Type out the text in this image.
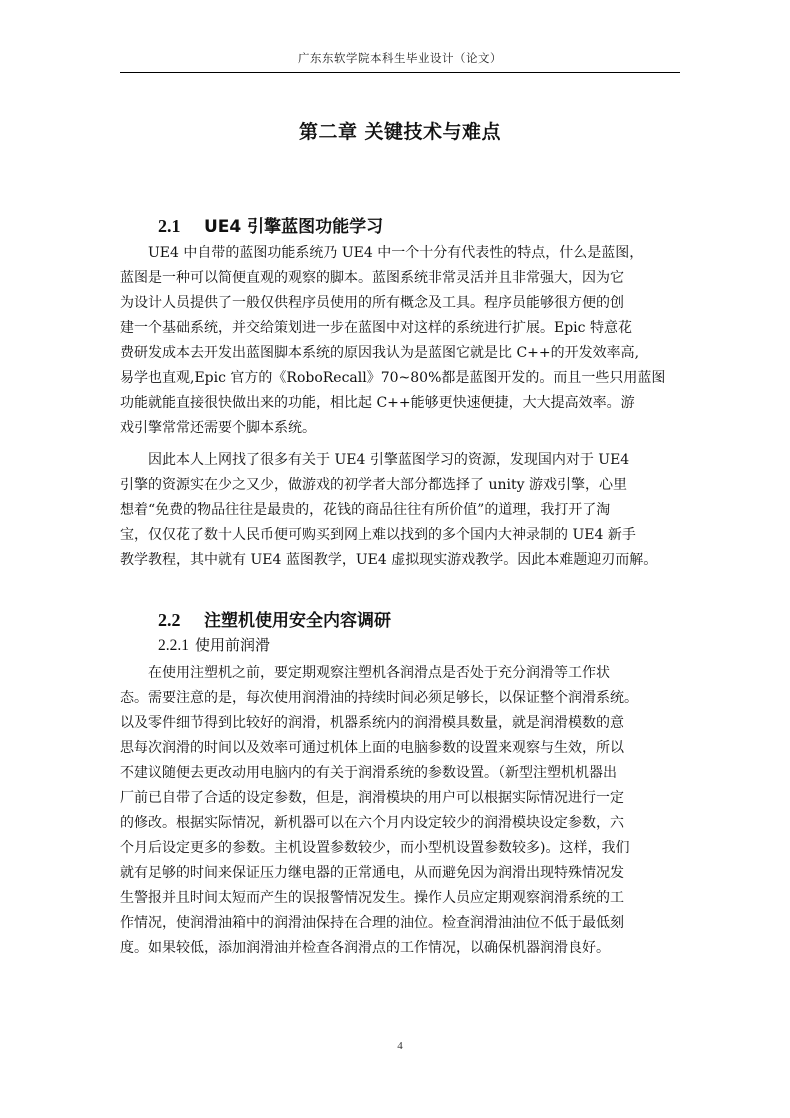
广东东软学院本科生毕业设计（论文）
第二章 关键技术与难点
2.1 UE4 引擎蓝图功能学习
UE4 中自带的蓝图功能系统乃 UE4 中一个十分有代表性的特点，什么是蓝图，
蓝图是一种可以简便直观的观察的脚本。蓝图系统非常灵活并且非常强大，因为它
为设计人员提供了一般仅供程序员使用的所有概念及工具。程序员能够很方便的创
建一个基础系统，并交给策划进一步在蓝图中对这样的系统进行扩展。Epic 特意花
费研发成本去开发出蓝图脚本系统的原因我认为是蓝图它就是比 C++的开发效率高,
易学也直观,Epic 官方的《RoboRecall》70~80%都是蓝图开发的。而且一些只用蓝图
功能就能直接很快做出来的功能，相比起 C++能够更快速便捷，大大提高效率。游
戏引擎常常还需要个脚本系统。
因此本人上网找了很多有关于 UE4 引擎蓝图学习的资源，发现国内对于 UE4
引擎的资源实在少之又少，做游戏的初学者大部分都选择了 unity 游戏引擎，心里
想着“免费的物品往往是最贵的，花钱的商品往往有所价值”的道理，我打开了淘
宝，仅仅花了数十人民币便可购买到网上难以找到的多个国内大神录制的 UE4 新手
教学教程，其中就有 UE4 蓝图教学，UE4 虚拟现实游戏教学。因此本难题迎刃而解。
2.2 注塑机使用安全内容调研
2.2.1 使用前润滑
在使用注塑机之前，要定期观察注塑机各润滑点是否处于充分润滑等工作状
态。需要注意的是，每次使用润滑油的持续时间必须足够长，以保证整个润滑系统。
以及零件细节得到比较好的润滑，机器系统内的润滑模具数量，就是润滑模数的意
思每次润滑的时间以及效率可通过机体上面的电脑参数的设置来观察与生效，所以
不建议随便去更改动用电脑内的有关于润滑系统的参数设置。（新型注塑机机器出
厂前已自带了合适的设定参数，但是，润滑模块的用户可以根据实际情况进行一定
的修改。根据实际情况，新机器可以在六个月内设定较少的润滑模块设定参数，六
个月后设定更多的参数。主机设置参数较少，而小型机设置参数较多)。这样，我们
就有足够的时间来保证压力继电器的正常通电，从而避免因为润滑出现特殊情况发
生警报并且时间太短而产生的误报警情况发生。操作人员应定期观察润滑系统的工
作情况，使润滑油箱中的润滑油保持在合理的油位。检查润滑油油位不低于最低刻
度。如果较低，添加润滑油并检查各润滑点的工作情况，以确保机器润滑良好。
4
